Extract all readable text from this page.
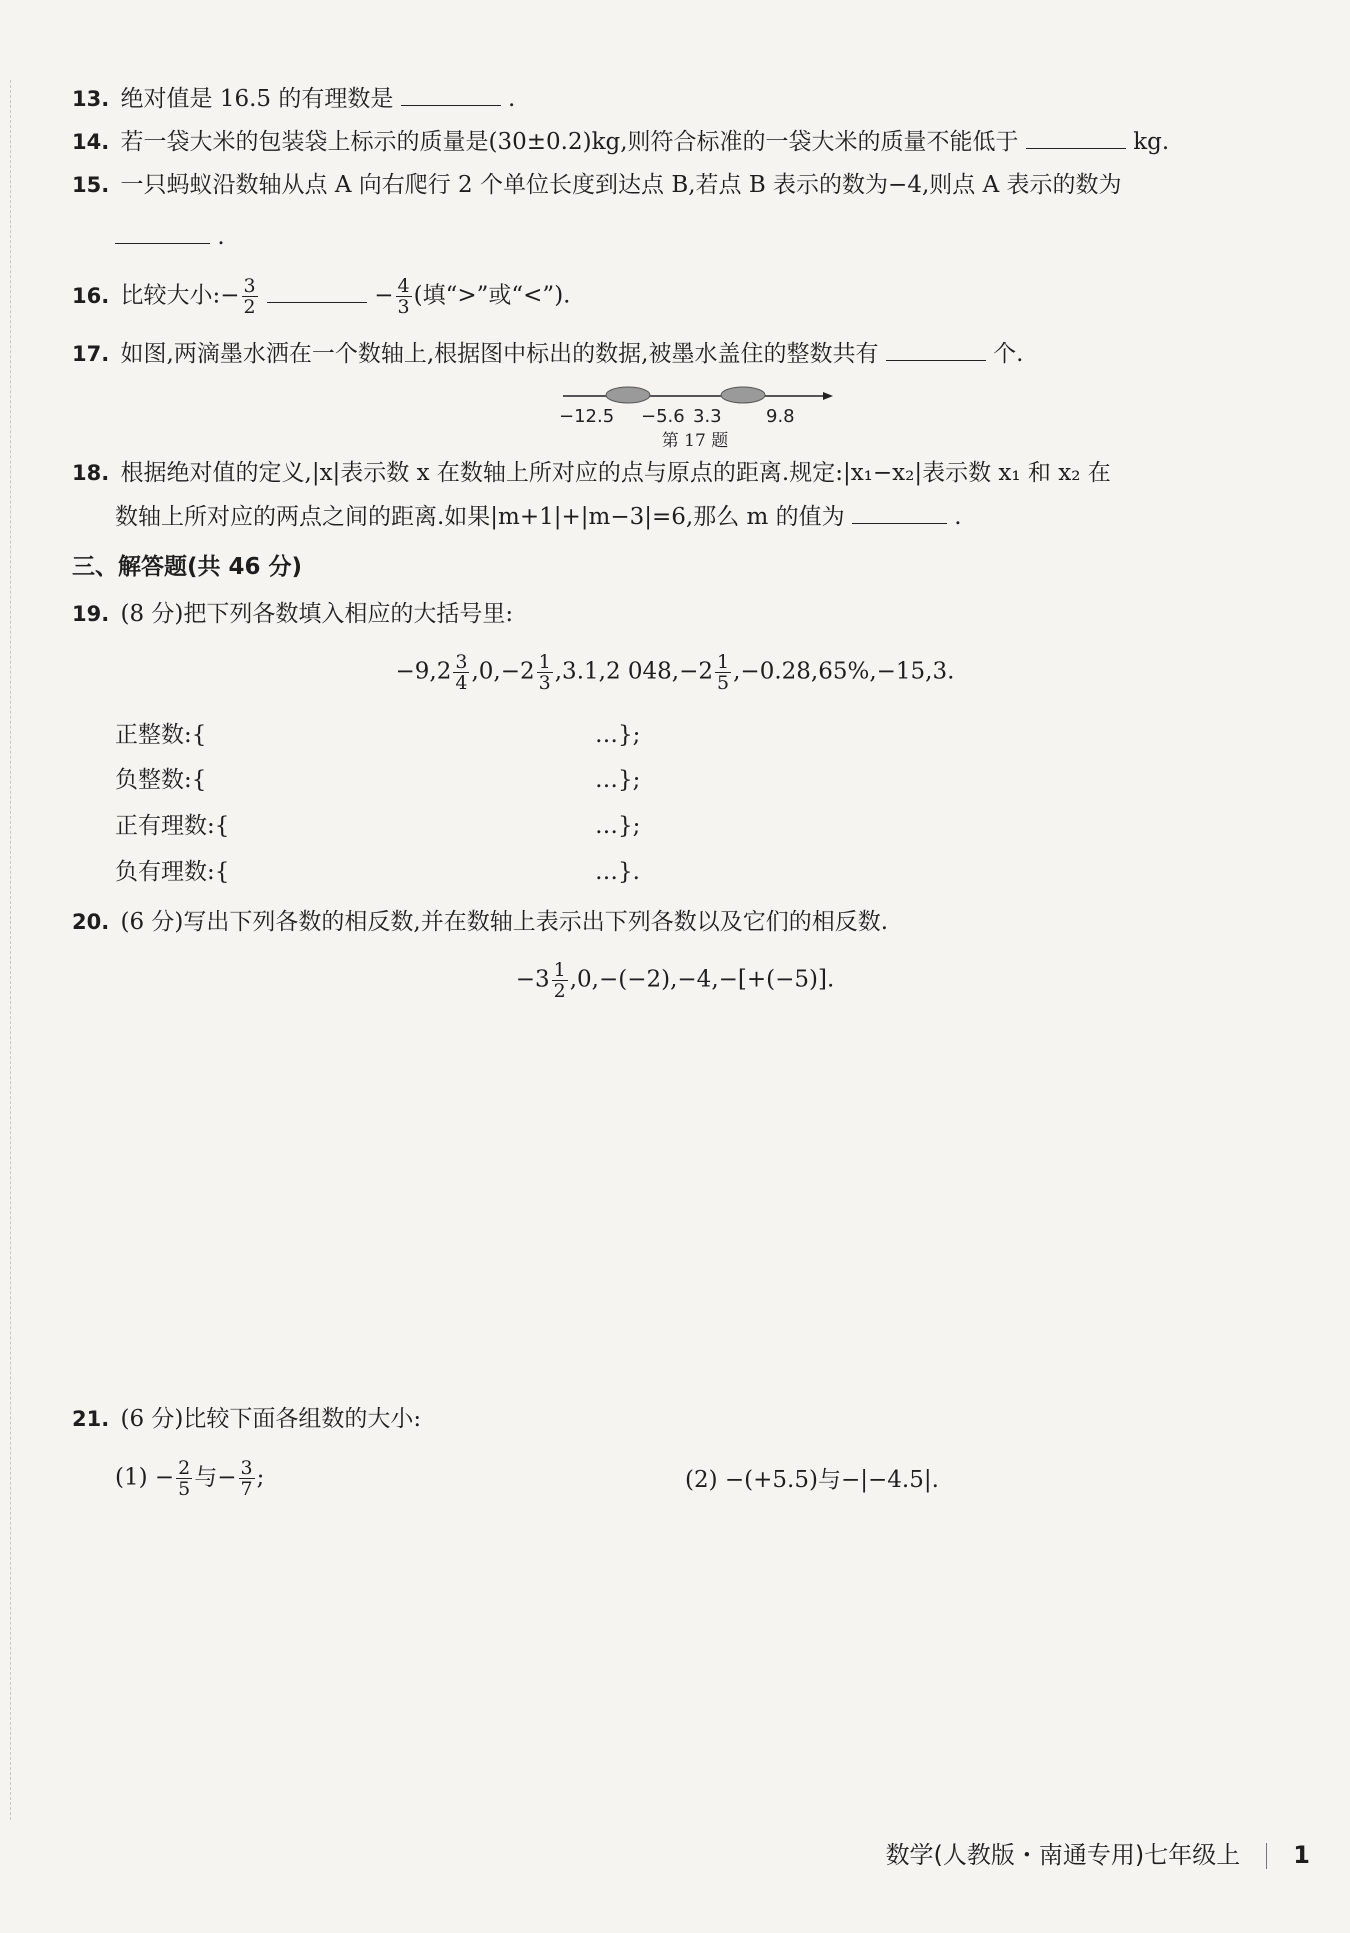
13. 绝对值是 16.5 的有理数是	.
14. 若一袋大米的包装袋上标示的质量是(30±0.2)kg,则符合标准的一袋大米的质量不能低于	kg.
15. 一只蚂蚁沿数轴从点 A 向右爬行 2 个单位长度到达点 B,若点 B 表示的数为−4,则点 A 表示的数为
.
16. 比较大小:− $\frac{3}{2}$	− $\frac{4}{3}$ (填“>”或“<”).
17. 如图,两滴墨水洒在一个数轴上,根据图中标出的数据,被墨水盖住的整数共有	个.
−12.5 −5.6 3.3 9.8
第 17 题
18. 根据绝对值的定义,|x|表示数 x 在数轴上所对应的点与原点的距离.规定:|x₁−x₂|表示数 x₁ 和 x₂ 在
数轴上所对应的两点之间的距离.如果|m+1|+|m−3|=6,那么 m 的值为	.
三、解答题(共 46 分)
19. (8 分)把下列各数填入相应的大括号里:
$-9,2 \frac{3}{4} ,0,-2 \frac{1}{3} ,3.1,2$ $048,-2 \frac{1}{5} ,-0.28,65\%,-15,3$.
正整数:{	…};
负整数:{	…};
正有理数:{	…};
负有理数:{	…}.
20. (6 分)写出下列各数的相反数,并在数轴上表示出下列各数以及它们的相反数.
$-3 \frac{1}{2} ,0,-(-2),-4,-[+(-5)]$.
21. (6 分)比较下面各组数的大小:
$(1) - \frac{2}{5}$ 与− $\frac{3}{7}$ ;	(2) −(+5.5)与−|−4.5|.
数学(人教版・南通专用)七年级上 1
